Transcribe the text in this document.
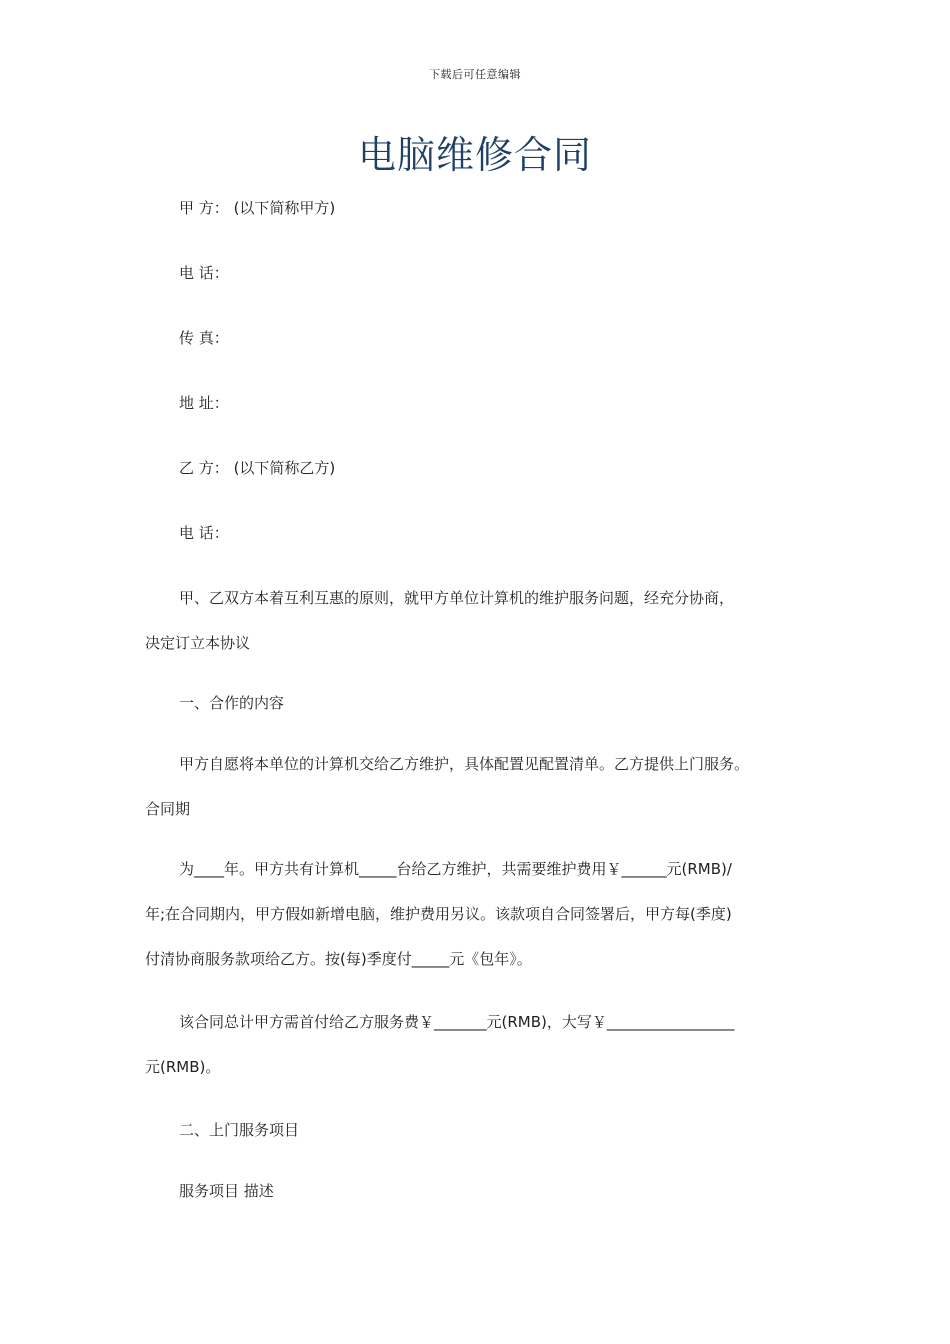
下载后可任意编辑
电脑维修合同
甲 方： (以下简称甲方)
电 话：
传 真：
地 址：
乙 方： (以下简称乙方)
电 话：
甲、乙双方本着互利互惠的原则，就甲方单位计算机的维护服务问题，经充分协商，
决定订立本协议
一、合作的内容
甲方自愿将本单位的计算机交给乙方维护，具体配置见配置清单。乙方提供上门服务。
合同期
为____年。甲方共有计算机_____台给乙方维护，共需要维护费用￥______元(RMB)/
年;在合同期内，甲方假如新增电脑，维护费用另议。该款项自合同签署后，甲方每(季度)
付清协商服务款项给乙方。按(每)季度付_____元《包年》。
该合同总计甲方需首付给乙方服务费￥_______元(RMB)，大写￥_________________
元(RMB)。
二、上门服务项目
服务项目 描述
